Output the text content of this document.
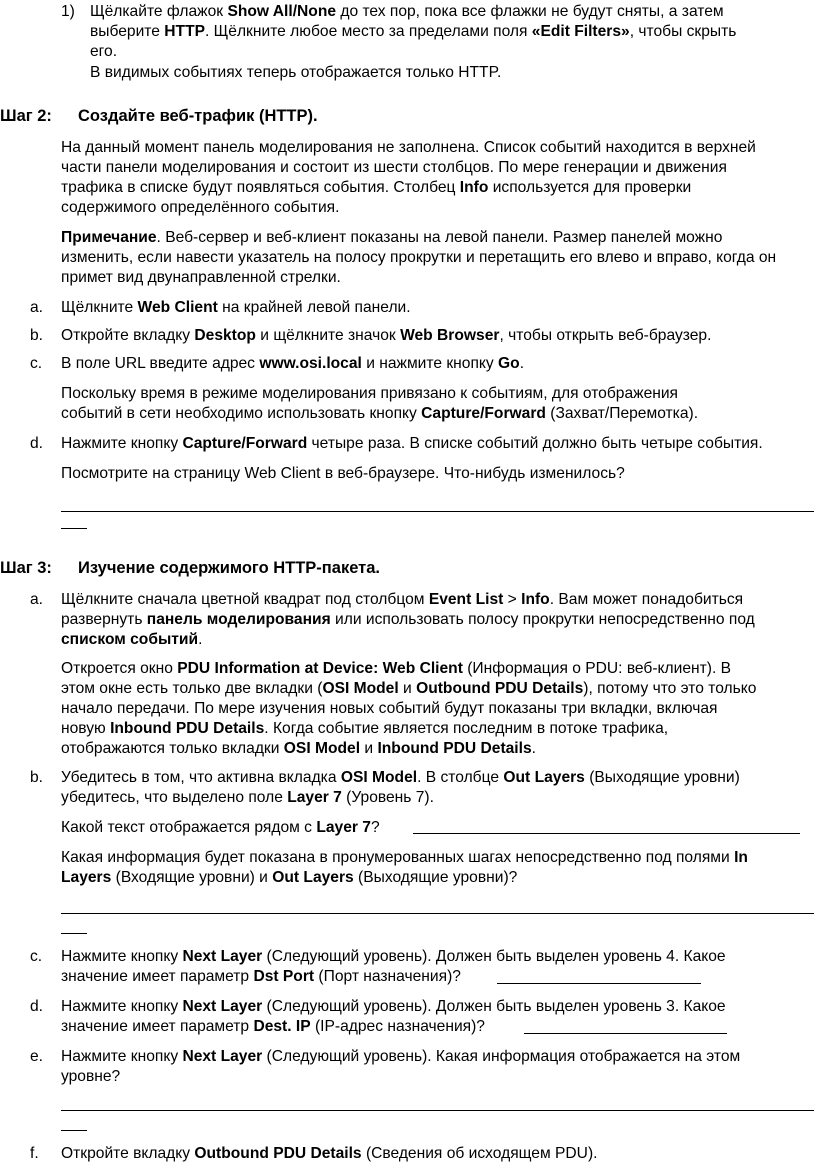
1) Щёлкайте флажок Show All/None до тех пор, пока все флажки не будут сняты, а затем
выберите HTTP. Щёлкните любое место за пределами поля «Edit Filters», чтобы скрыть
его.
В видимых событиях теперь отображается только HTTP.
Шаг 2: Создайте веб-трафик (HTTP).
На данный момент панель моделирования не заполнена. Список событий находится в верхней
части панели моделирования и состоит из шести столбцов. По мере генерации и движения
трафика в списке будут появляться события. Столбец Info используется для проверки
содержимого определённого события.
Примечание. Веб-сервер и веб-клиент показаны на левой панели. Размер панелей можно
изменить, если навести указатель на полосу прокрутки и перетащить его влево и вправо, когда он
примет вид двунаправленной стрелки.
a. Щёлкните Web Client на крайней левой панели.
b. Откройте вкладку Desktop и щёлкните значок Web Browser, чтобы открыть веб-браузер.
c. В поле URL введите адрес www.osi.local и нажмите кнопку Go.
Поскольку время в режиме моделирования привязано к событиям, для отображения
событий в сети необходимо использовать кнопку Capture/Forward (Захват/Перемотка).
d. Нажмите кнопку Capture/Forward четыре раза. В списке событий должно быть четыре события.
Посмотрите на страницу Web Client в веб-браузере. Что-нибудь изменилось?
Шаг 3: Изучение содержимого HTTP-пакета.
a. Щёлкните сначала цветной квадрат под столбцом Event List > Info. Вам может понадобиться
развернуть панель моделирования или использовать полосу прокрутки непосредственно под
списком событий.
Откроется окно PDU Information at Device: Web Client (Информация о PDU: веб-клиент). В
этом окне есть только две вкладки (OSI Model и Outbound PDU Details), потому что это только
начало передачи. По мере изучения новых событий будут показаны три вкладки, включая
новую Inbound PDU Details. Когда событие является последним в потоке трафика,
отображаются только вкладки OSI Model и Inbound PDU Details.
b. Убедитесь в том, что активна вкладка OSI Model. В столбце Out Layers (Выходящие уровни)
убедитесь, что выделено поле Layer 7 (Уровень 7).
Какой текст отображается рядом с Layer 7?
Какая информация будет показана в пронумерованных шагах непосредственно под полями In
Layers (Входящие уровни) и Out Layers (Выходящие уровни)?
c. Нажмите кнопку Next Layer (Следующий уровень). Должен быть выделен уровень 4. Какое
значение имеет параметр Dst Port (Порт назначения)?
d. Нажмите кнопку Next Layer (Следующий уровень). Должен быть выделен уровень 3. Какое
значение имеет параметр Dest. IP (IP-адрес назначения)?
e. Нажмите кнопку Next Layer (Следующий уровень). Какая информация отображается на этом
уровне?
f. Откройте вкладку Outbound PDU Details (Сведения об исходящем PDU).
